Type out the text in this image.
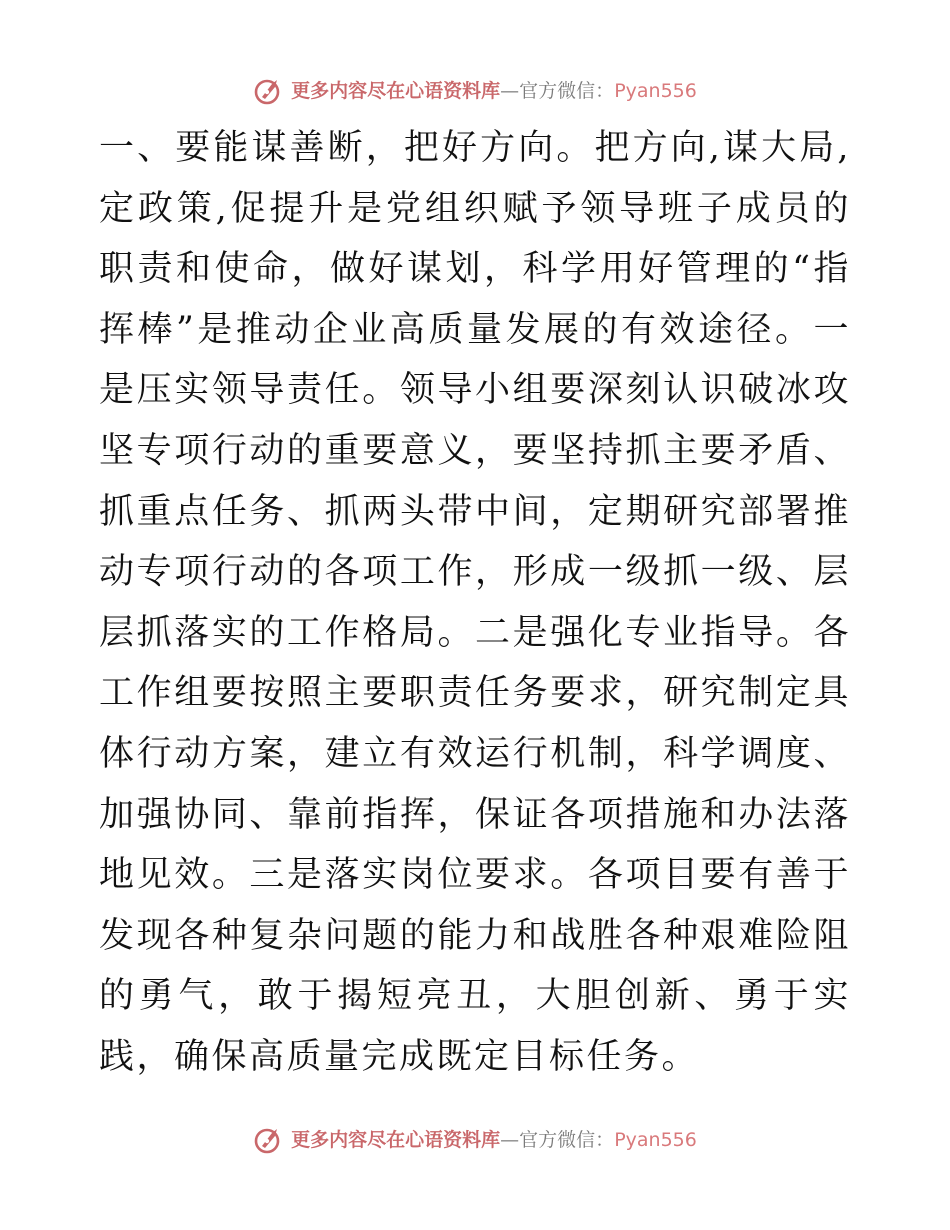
更多内容尽在心语资料库 — 官方微信： Pyan556

一、要能谋善断，把好方向。把方向,谋大局,定政策,促提升是党组织赋予领导班子成员的职责和使命，做好谋划，科学用好管理的“指挥棒”是推动企业高质量发展的有效途径。一是压实领导责任。领导小组要深刻认识破冰攻坚专项行动的重要意义，要坚持抓主要矛盾、抓重点任务、抓两头带中间，定期研究部署推动专项行动的各项工作，形成一级抓一级、层层抓落实的工作格局。二是强化专业指导。各工作组要按照主要职责任务要求，研究制定具体行动方案，建立有效运行机制，科学调度、加强协同、靠前指挥，保证各项措施和办法落地见效。三是落实岗位要求。各项目要有善于发现各种复杂问题的能力和战胜各种艰难险阻的勇气，敢于揭短亮丑，大胆创新、勇于实践，确保高质量完成既定目标任务。

更多内容尽在心语资料库 — 官方微信： Pyan556
